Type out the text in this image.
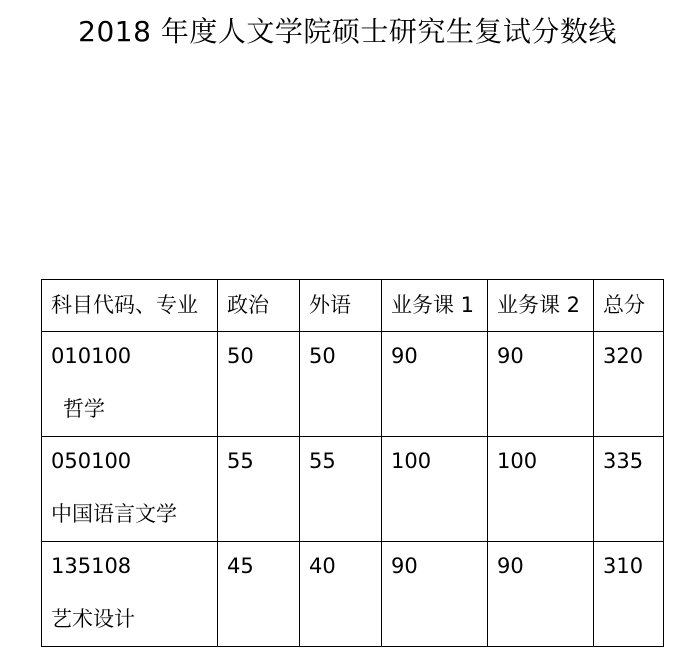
2018 年度人文学院硕士研究生复试分数线
科目代码、专业	政治	外语	业务课 1	业务课 2	总分

010100
哲学	50	50	90	90	320

050100
中国语言文学	55	55	100	100	335

135108
艺术设计	45	40	90	90	310
